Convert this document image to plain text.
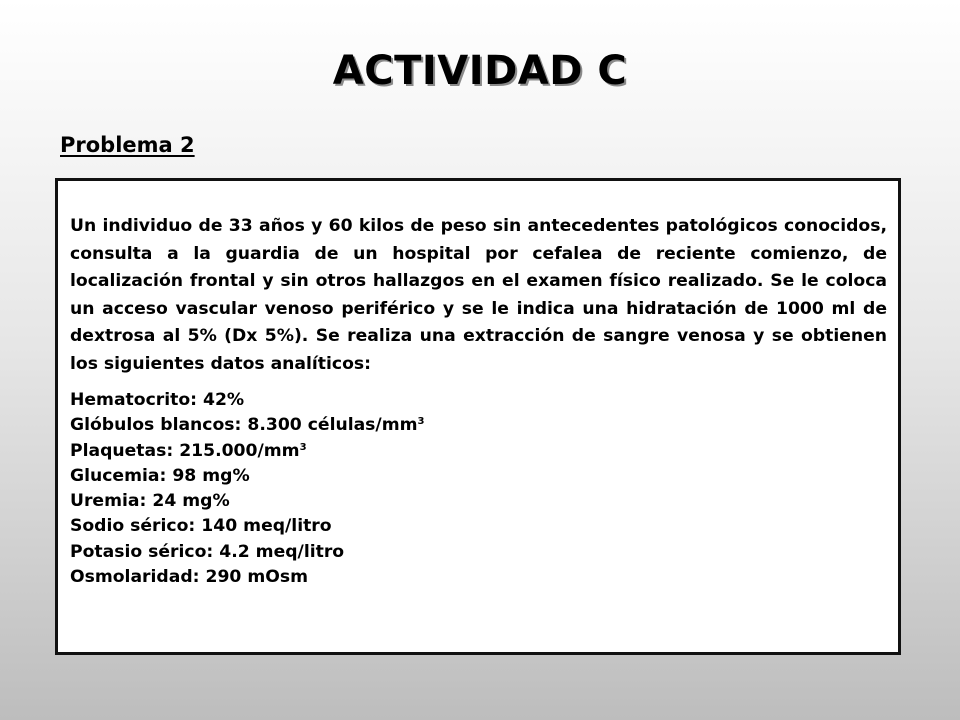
ACTIVIDAD C
Problema 2
Un individuo de 33 años y 60 kilos de peso sin antecedentes patológicos conocidos, consulta a la guardia de un hospital por cefalea de reciente comienzo, de localización frontal y sin otros hallazgos en el examen físico realizado. Se le coloca un acceso vascular venoso periférico y se le indica una hidratación de 1000 ml de dextrosa al 5% (Dx 5%). Se realiza una extracción de sangre venosa y se obtienen los siguientes datos analíticos:
Hematocrito: 42%
Glóbulos blancos: 8.300 células/$mm^3$
Plaquetas: $215.000/mm^3$
Glucemia: 98 mg%
Uremia: 24 mg%
Sodio sérico: 140 meq/litro
Potasio sérico: 4.2 meq/litro
Osmolaridad: 290 mOsm
